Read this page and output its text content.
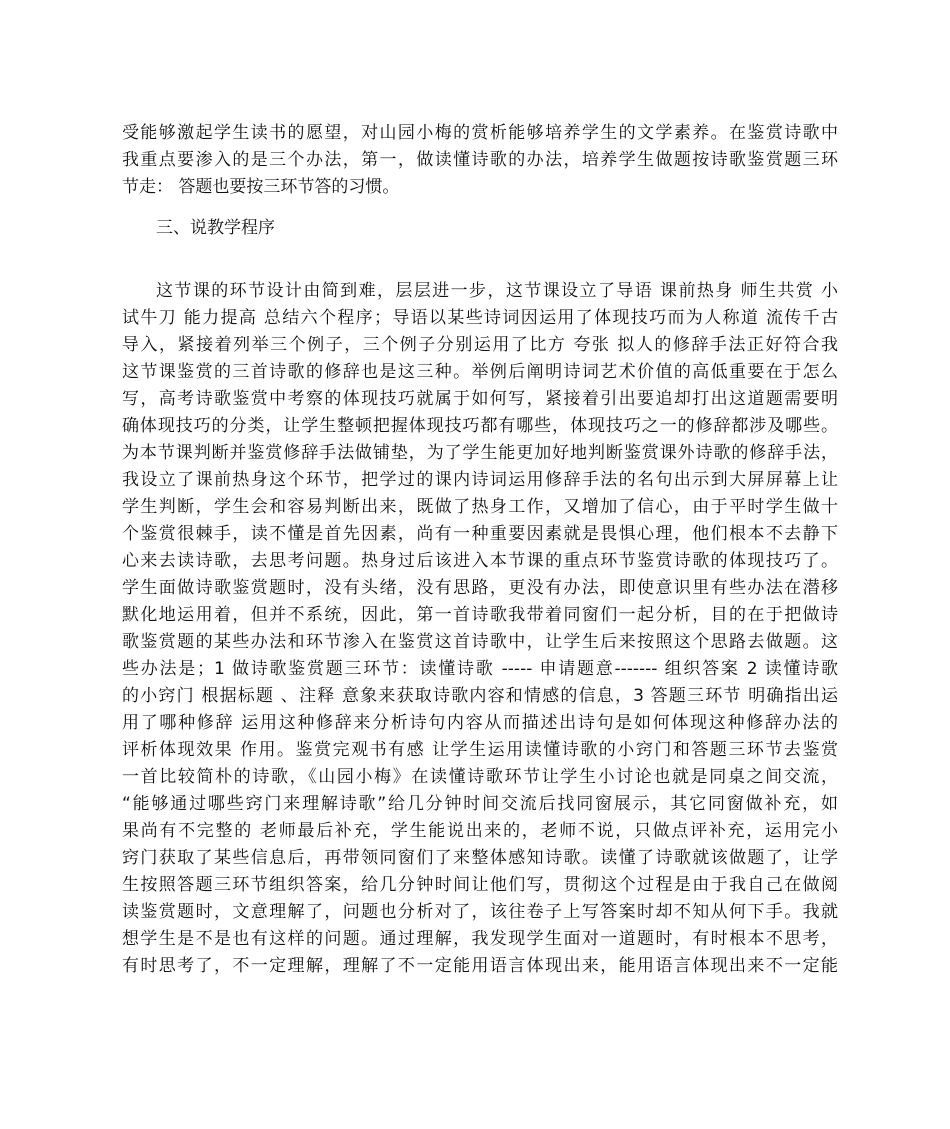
受能够激起学生读书的愿望，对山园小梅的赏析能够培养学生的文学素养。在鉴赏诗歌中
我重点要渗入的是三个办法，第一，做读懂诗歌的办法，培养学生做题按诗歌鉴赏题三环
节走： 答题也要按三环节答的习惯。
三、说教学程序
这节课的环节设计由简到难，层层进一步，这节课设立了导语 课前热身 师生共赏 小
试牛刀 能力提高 总结六个程序；导语以某些诗词因运用了体现技巧而为人称道 流传千古
导入，紧接着列举三个例子，三个例子分别运用了比方 夸张 拟人的修辞手法正好符合我
这节课鉴赏的三首诗歌的修辞也是这三种。举例后阐明诗词艺术价值的高低重要在于怎么
写，高考诗歌鉴赏中考察的体现技巧就属于如何写，紧接着引出要追却打出这道题需要明
确体现技巧的分类，让学生整顿把握体现技巧都有哪些，体现技巧之一的修辞都涉及哪些。
为本节课判断并鉴赏修辞手法做铺垫，为了学生能更加好地判断鉴赏课外诗歌的修辞手法，
我设立了课前热身这个环节，把学过的课内诗词运用修辞手法的名句出示到大屏屏幕上让
学生判断，学生会和容易判断出来，既做了热身工作，又增加了信心，由于平时学生做十
个鉴赏很棘手，读不懂是首先因素，尚有一种重要因素就是畏惧心理，他们根本不去静下
心来去读诗歌，去思考问题。热身过后该进入本节课的重点环节鉴赏诗歌的体现技巧了。
学生面做诗歌鉴赏题时，没有头绪，没有思路，更没有办法，即使意识里有些办法在潜移
默化地运用着，但并不系统，因此，第一首诗歌我带着同窗们一起分析，目的在于把做诗
歌鉴赏题的某些办法和环节渗入在鉴赏这首诗歌中，让学生后来按照这个思路去做题。这
些办法是；1 做诗歌鉴赏题三环节：读懂诗歌 ----- 申请题意------- 组织答案 2 读懂诗歌
的小窍门 根据标题 、注释 意象来获取诗歌内容和情感的信息，3 答题三环节 明确指出运
用了哪种修辞 运用这种修辞来分析诗句内容从而描述出诗句是如何体现这种修辞办法的
评析体现效果 作用。鉴赏完观书有感 让学生运用读懂诗歌的小窍门和答题三环节去鉴赏
一首比较简朴的诗歌，《山园小梅》在读懂诗歌环节让学生小讨论也就是同桌之间交流，
“能够通过哪些窍门来理解诗歌”给几分钟时间交流后找同窗展示，其它同窗做补充，如
果尚有不完整的 老师最后补充，学生能说出来的，老师不说，只做点评补充，运用完小
窍门获取了某些信息后，再带领同窗们了来整体感知诗歌。读懂了诗歌就该做题了，让学
生按照答题三环节组织答案，给几分钟时间让他们写，贯彻这个过程是由于我自己在做阅
读鉴赏题时，文意理解了，问题也分析对了，该往卷子上写答案时却不知从何下手。我就
想学生是不是也有这样的问题。通过理解，我发现学生面对一道题时，有时根本不思考，
有时思考了，不一定理解，理解了不一定能用语言体现出来，能用语言体现出来不一定能
